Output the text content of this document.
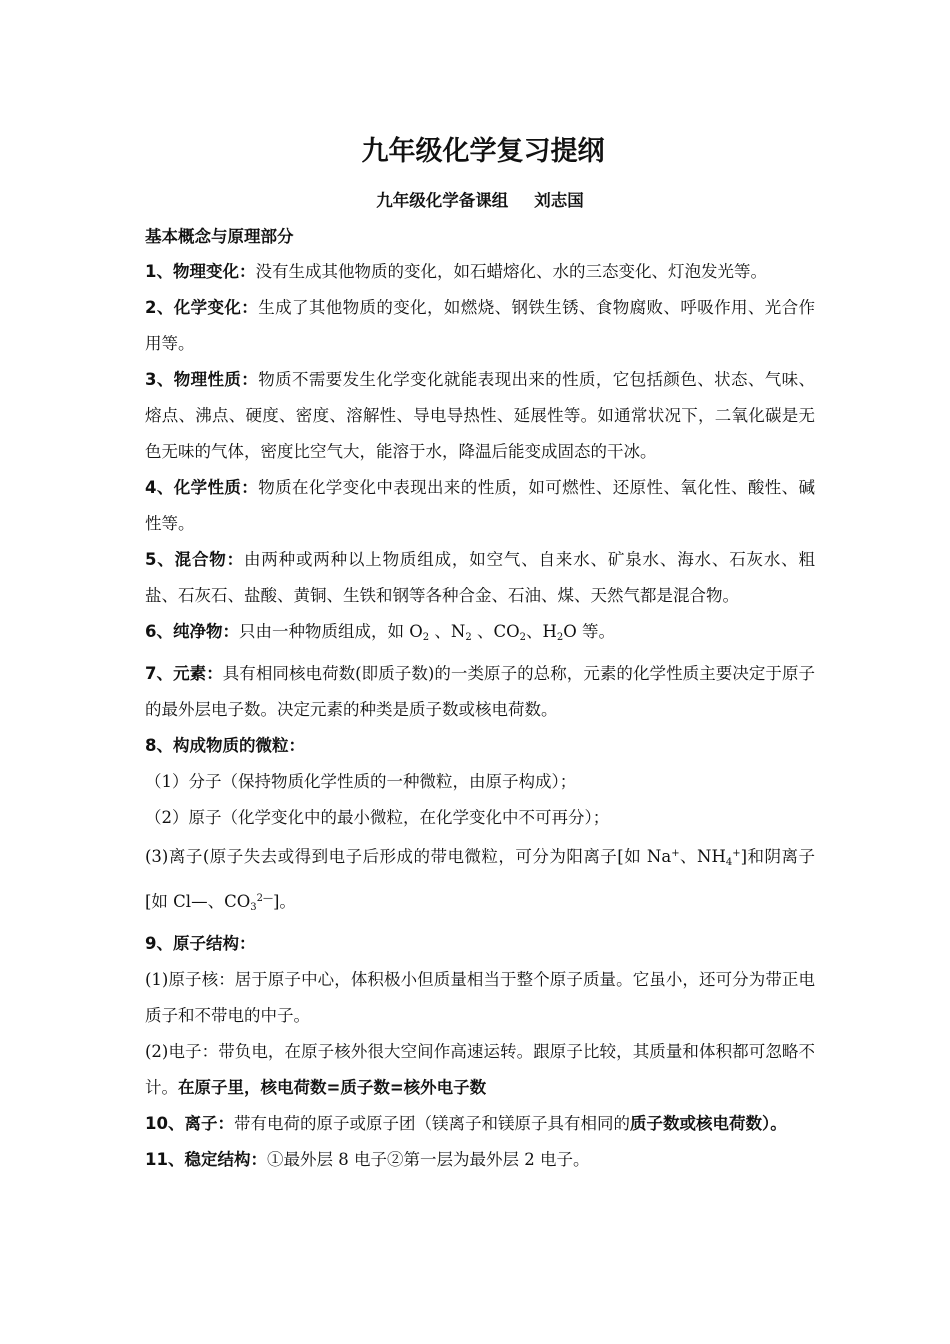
九年级化学复习提纲
九年级化学备课组 刘志国
基本概念与原理部分

1、物理变化：没有生成其他物质的变化，如石蜡熔化、水的三态变化、灯泡发光等。

2、化学变化：生成了其他物质的变化，如燃烧、钢铁生锈、食物腐败、呼吸作用、光合作用等。

3、物理性质：物质不需要发生化学变化就能表现出来的性质，它包括颜色、状态、气味、熔点、沸点、硬度、密度、溶解性、导电导热性、延展性等。如通常状况下，二氧化碳是无色无味的气体，密度比空气大，能溶于水，降温后能变成固态的干冰。

4、化学性质：物质在化学变化中表现出来的性质，如可燃性、还原性、氧化性、酸性、碱性等。

5、混合物：由两种或两种以上物质组成，如空气、自来水、矿泉水、海水、石灰水、粗盐、石灰石、盐酸、黄铜、生铁和钢等各种合金、石油、煤、天然气都是混合物。

6、纯净物：只由一种物质组成，如 $O_2$ 、$N_2$ 、$CO_2$、$H_2O$ 等。

7、元素：具有相同核电荷数(即质子数)的一类原子的总称，元素的化学性质主要决定于原子的最外层电子数。决定元素的种类是质子数或核电荷数。

8、构成物质的微粒：

（1）分子（保持物质化学性质的一种微粒，由原子构成）；

（2）原子（化学变化中的最小微粒，在化学变化中不可再分）；

(3)离子(原子失去或得到电子后形成的带电微粒，可分为阳离子[如 Na+、$NH_4^+$]和阴离子[如 Cl—、$CO_3^{2—}$]。

9、原子结构：

(1)原子核：居于原子中心，体积极小但质量相当于整个原子质量。它虽小，还可分为带正电质子和不带电的中子。

(2)电子：带负电，在原子核外很大空间作高速运转。跟原子比较，其质量和体积都可忽略不计。在原子里，核电荷数=质子数=核外电子数

10、离子：带有电荷的原子或原子团（镁离子和镁原子具有相同的质子数或核电荷数）。

11、稳定结构：①最外层 8 电子②第一层为最外层 2 电子。
